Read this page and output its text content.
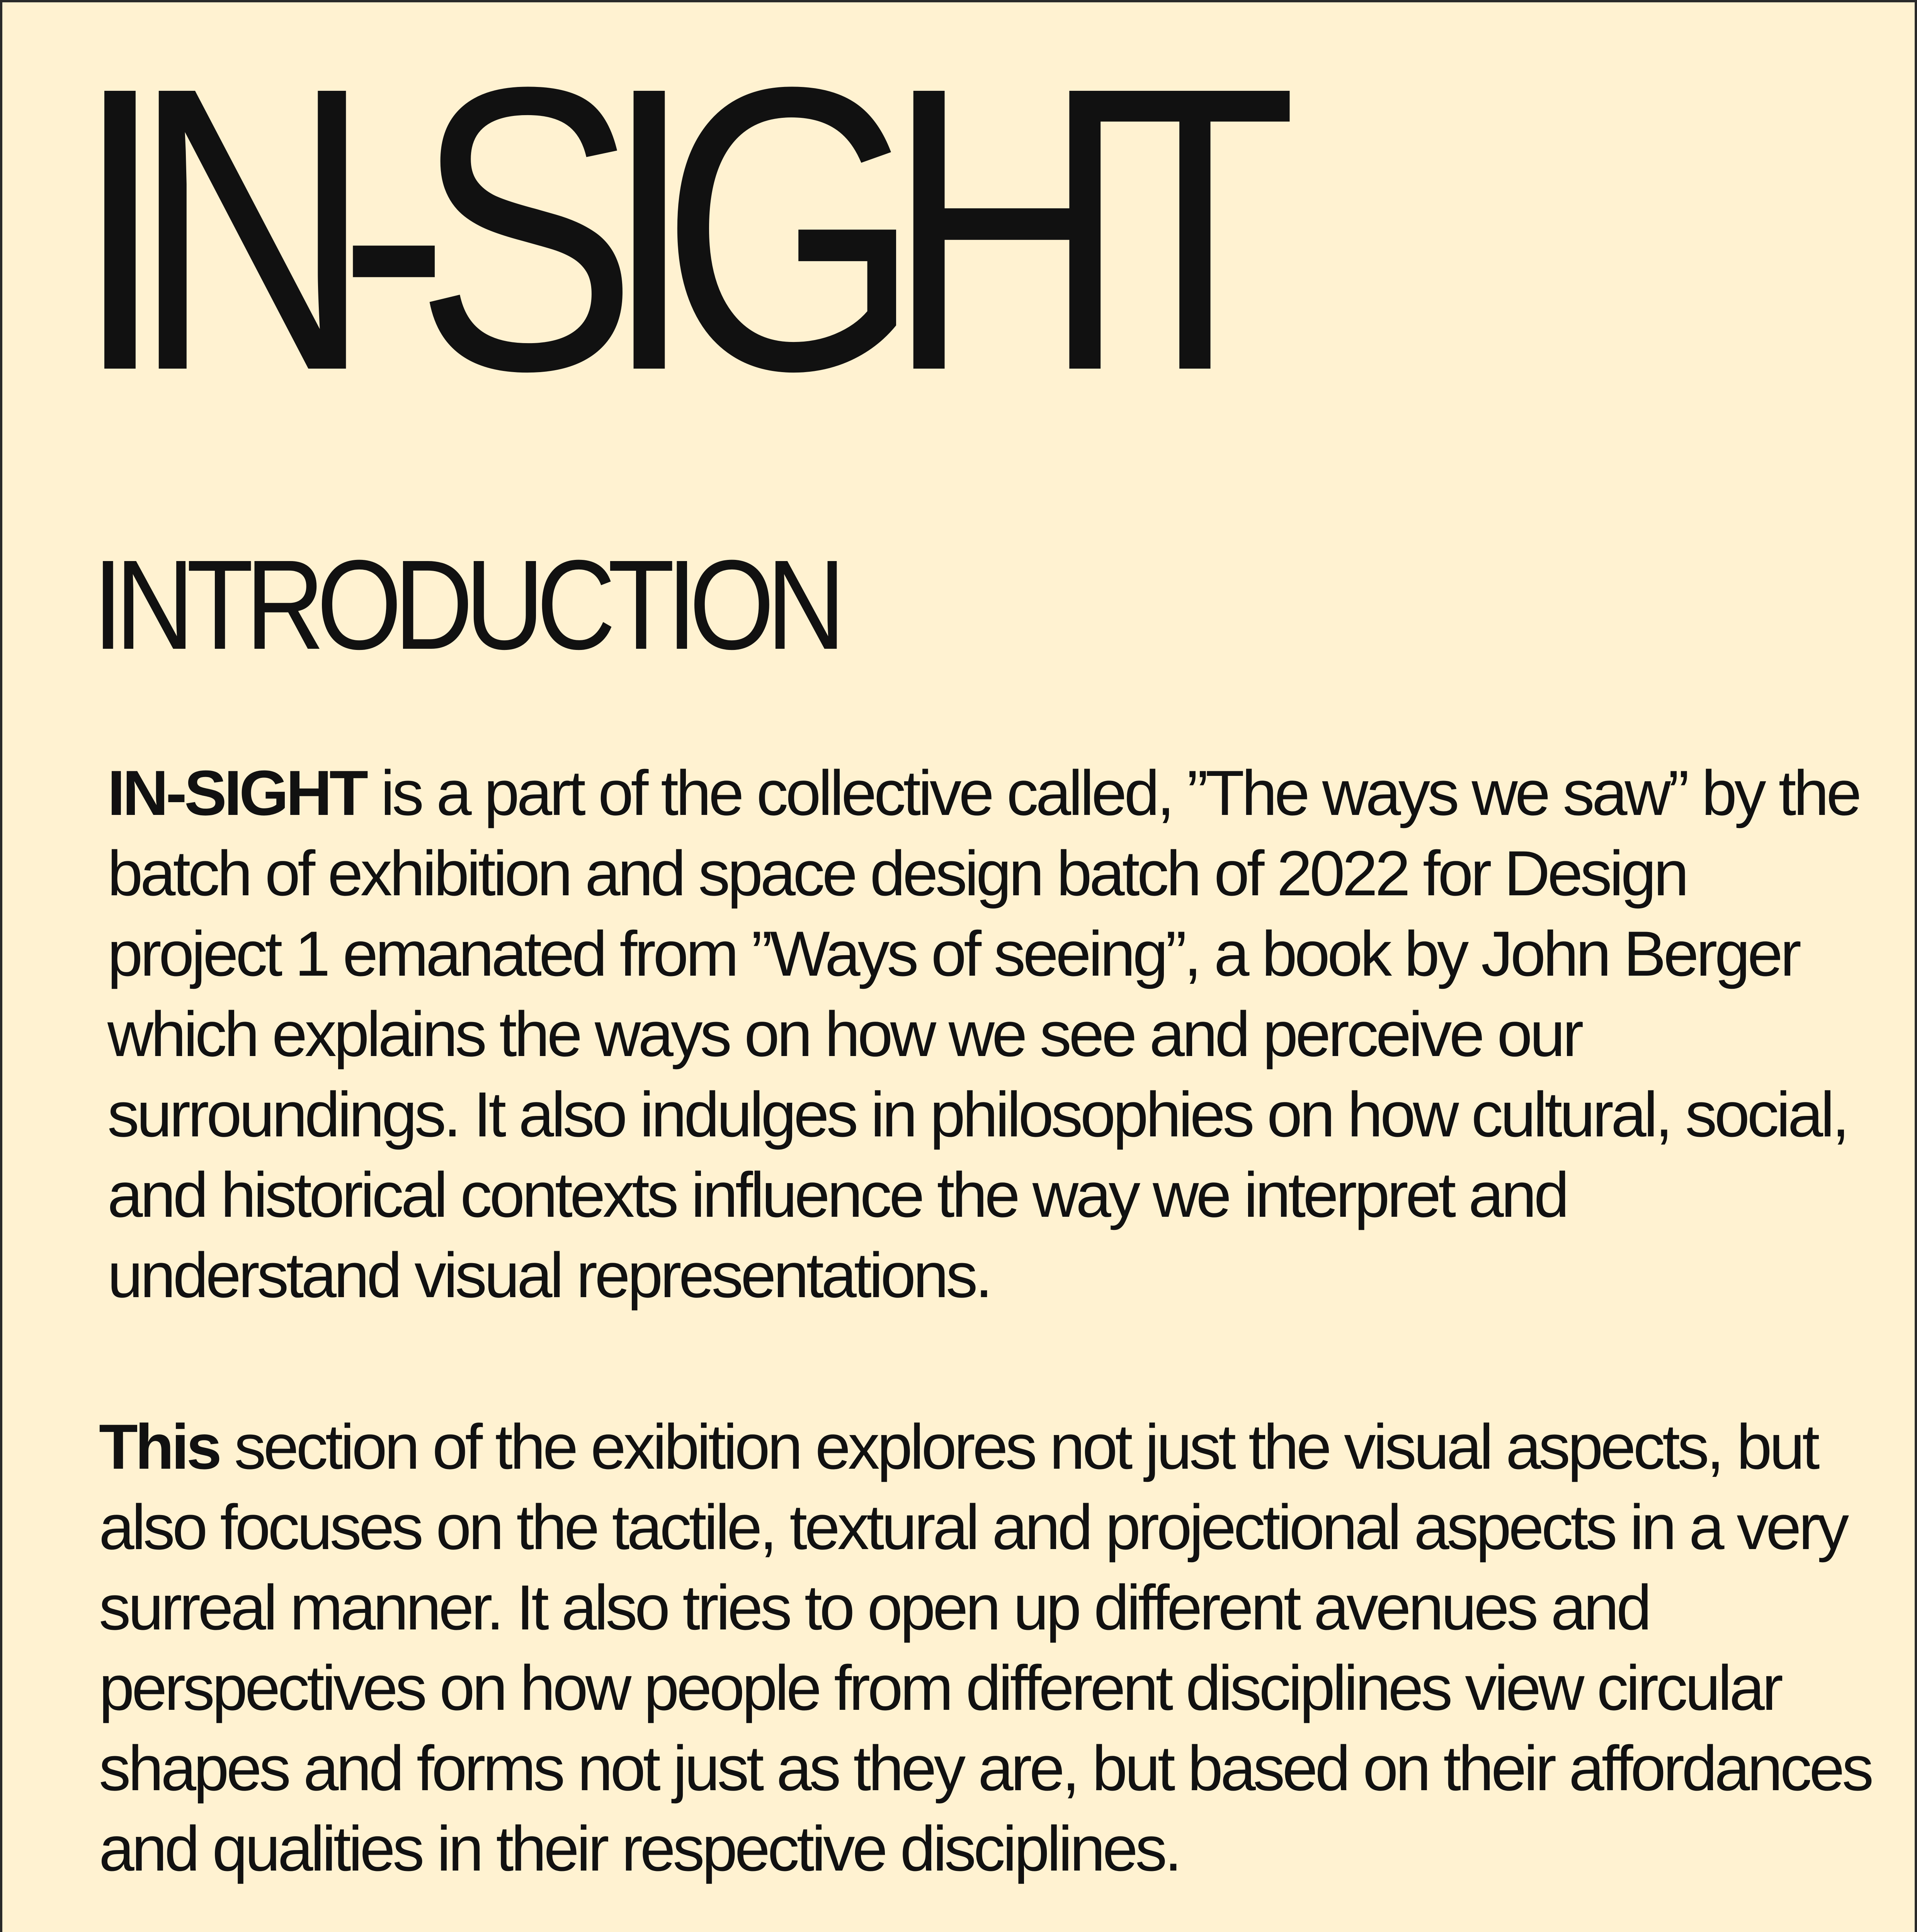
IN-SIGHT
INTRODUCTION

IN-SIGHT is a part of the collective called, ”The ways we saw” by the
batch of exhibition and space design batch of 2022 for Design
project 1 emanated from ”Ways of seeing”, a book by John Berger
which explains the ways on how we see and perceive our
surroundings. It also indulges in philosophies on how cultural, social,
and historical contexts influence the way we interpret and
understand visual representations.

This section of the exibition explores not just the visual aspects, but
also focuses on the tactile, textural and projectional aspects in a very
surreal manner. It also tries to open up different avenues and
perspectives on how people from different disciplines view circular
shapes and forms not just as they are, but based on their affordances
and qualities in their respective disciplines.
